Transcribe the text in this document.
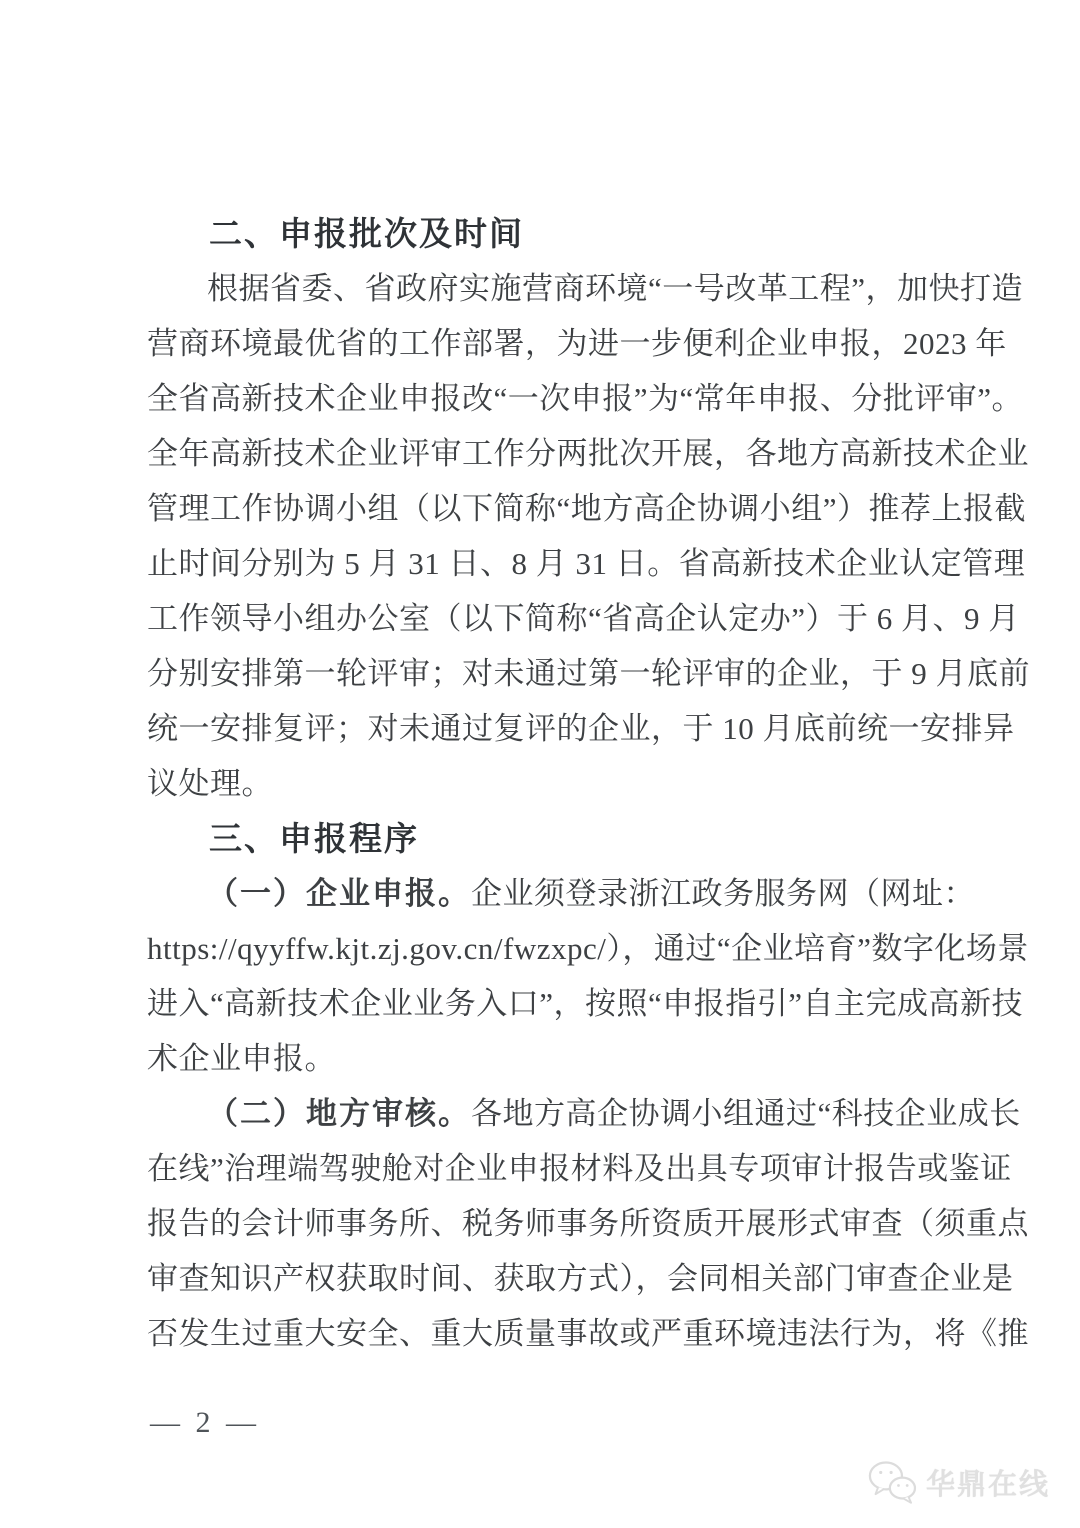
二、申报批次及时间
根据省委、省政府实施营商环境“一号改革工程”，加快打造
营商环境最优省的工作部署，为进一步便利企业申报，2023 年
全省高新技术企业申报改“一次申报”为“常年申报、分批评审”。
全年高新技术企业评审工作分两批次开展，各地方高新技术企业
管理工作协调小组（以下简称“地方高企协调小组”）推荐上报截
止时间分别为 5 月 31 日、8 月 31 日。省高新技术企业认定管理
工作领导小组办公室（以下简称“省高企认定办”）于 6 月、9 月
分别安排第一轮评审；对未通过第一轮评审的企业，于 9 月底前
统一安排复评；对未通过复评的企业，于 10 月底前统一安排异
议处理。
三、申报程序
（一）企业申报。企业须登录浙江政务服务网（网址：
https://qyyffw.kjt.zj.gov.cn/fwzxpc/），通过“企业培育”数字化场景
进入“高新技术企业业务入口”，按照“申报指引”自主完成高新技
术企业申报。
（二）地方审核。各地方高企协调小组通过“科技企业成长
在线”治理端驾驶舱对企业申报材料及出具专项审计报告或鉴证
报告的会计师事务所、税务师事务所资质开展形式审查（须重点
审查知识产权获取时间、获取方式），会同相关部门审查企业是
否发生过重大安全、重大质量事故或严重环境违法行为，将《推
— 2 —
华鼎在线
